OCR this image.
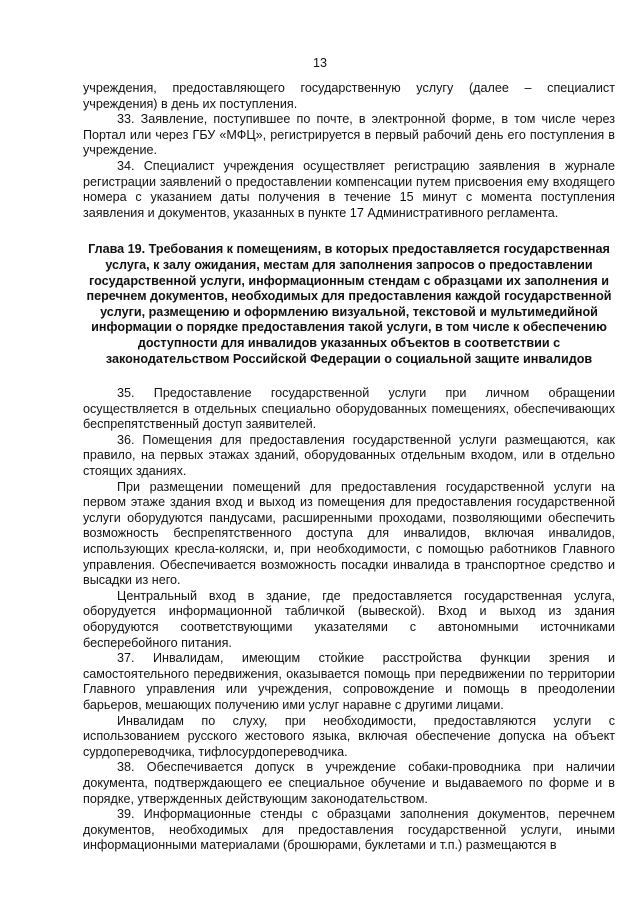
13

учреждения, предоставляющего государственную услугу (далее – специалист учреждения) в день их поступления.

33. Заявление, поступившее по почте, в электронной форме, в том числе через Портал или через ГБУ «МФЦ», регистрируется в первый рабочий день его поступления в учреждение.

34. Специалист учреждения осуществляет регистрацию заявления в журнале регистрации заявлений о предоставлении компенсации путем присвоения ему входящего номера с указанием даты получения в течение 15 минут с момента поступления заявления и документов, указанных в пункте 17 Административного регламента.

Глава 19. Требования к помещениям, в которых предоставляется государственная услуга, к залу ожидания, местам для заполнения запросов о предоставлении государственной услуги, информационным стендам с образцами их заполнения и перечнем документов, необходимых для предоставления каждой государственной услуги, размещению и оформлению визуальной, текстовой и мультимедийной информации о порядке предоставления такой услуги, в том числе к обеспечению доступности для инвалидов указанных объектов в соответствии с законодательством Российской Федерации о социальной защите инвалидов

35. Предоставление государственной услуги при личном обращении осуществляется в отдельных специально оборудованных помещениях, обеспечивающих беспрепятственный доступ заявителей.

36. Помещения для предоставления государственной услуги размещаются, как правило, на первых этажах зданий, оборудованных отдельным входом, или в отдельно стоящих зданиях.

При размещении помещений для предоставления государственной услуги на первом этаже здания вход и выход из помещения для предоставления государственной услуги оборудуются пандусами, расширенными проходами, позволяющими обеспечить возможность беспрепятственного доступа для инвалидов, включая инвалидов, использующих кресла-коляски, и, при необходимости, с помощью работников Главного управления. Обеспечивается возможность посадки инвалида в транспортное средство и высадки из него.

Центральный вход в здание, где предоставляется государственная услуга, оборудуется информационной табличкой (вывеской). Вход и выход из здания оборудуются соответствующими указателями с автономными источниками бесперебойного питания.

37. Инвалидам, имеющим стойкие расстройства функции зрения и самостоятельного передвижения, оказывается помощь при передвижении по территории Главного управления или учреждения, сопровождение и помощь в преодолении барьеров, мешающих получению ими услуг наравне с другими лицами.

Инвалидам по слуху, при необходимости, предоставляются услуги с использованием русского жестового языка, включая обеспечение допуска на объект сурдопереводчика, тифлосурдопереводчика.

38. Обеспечивается допуск в учреждение собаки-проводника при наличии документа, подтверждающего ее специальное обучение и выдаваемого по форме и в порядке, утвержденных действующим законодательством.

39. Информационные стенды с образцами заполнения документов, перечнем документов, необходимых для предоставления государственной услуги, иными информационными материалами (брошюрами, буклетами и т.п.) размещаются в
